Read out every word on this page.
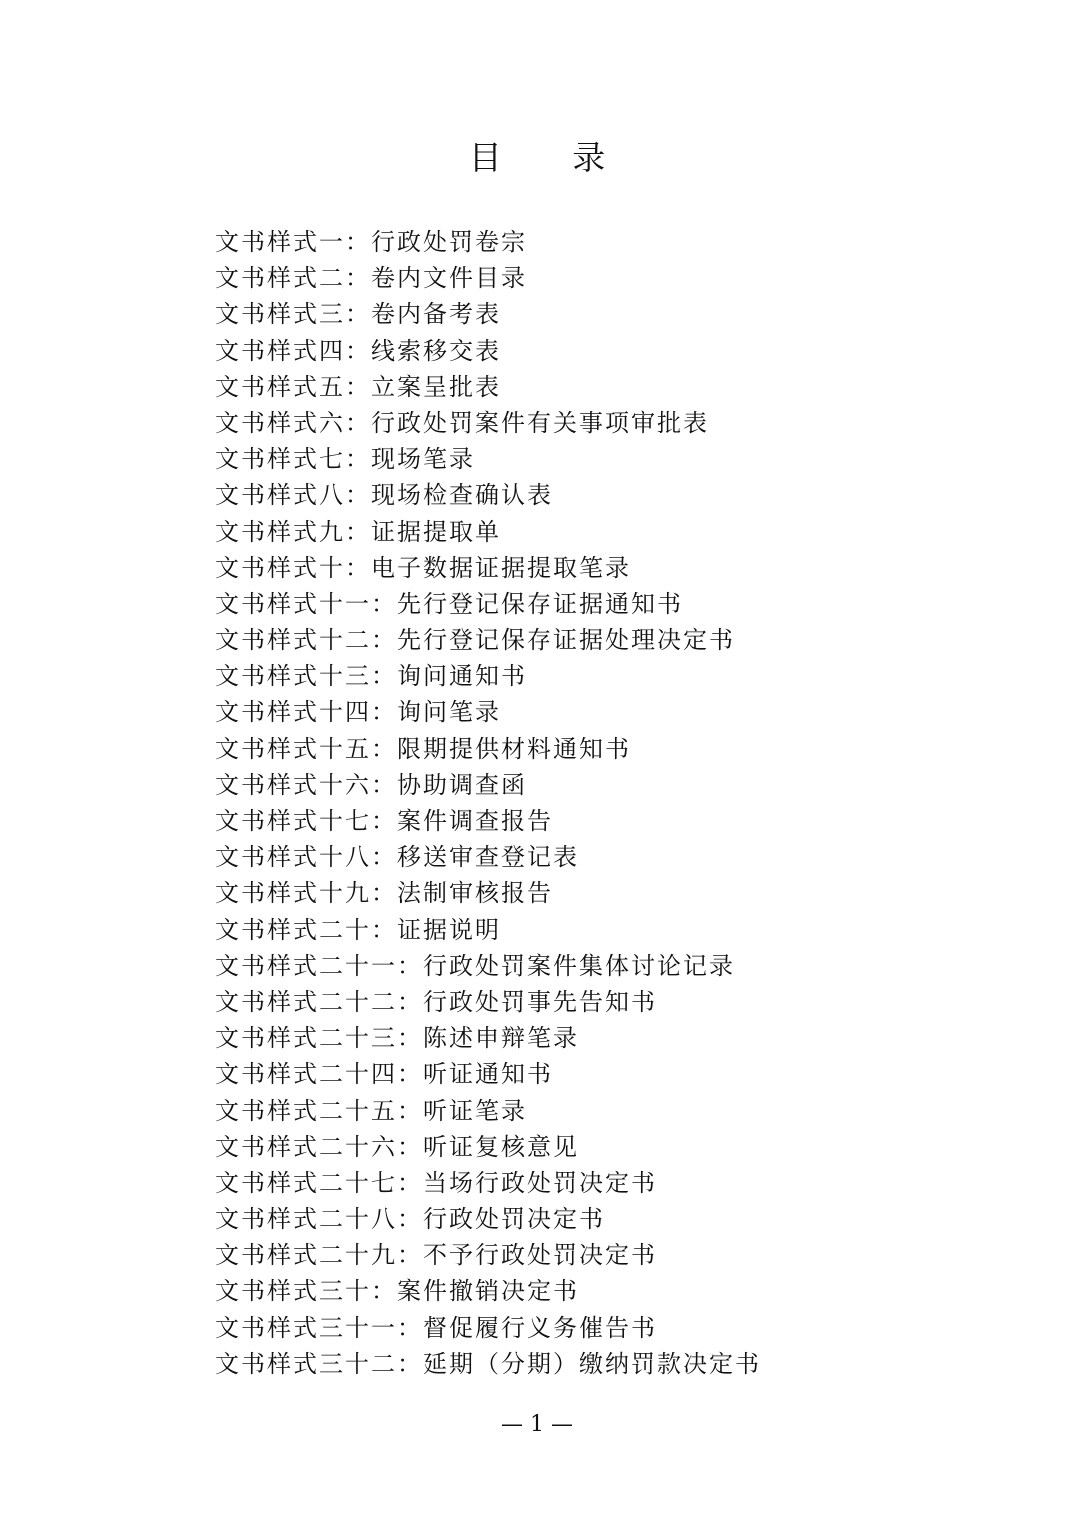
目 录
文书样式一：行政处罚卷宗
文书样式二：卷内文件目录
文书样式三：卷内备考表
文书样式四：线索移交表
文书样式五：立案呈批表
文书样式六：行政处罚案件有关事项审批表
文书样式七：现场笔录
文书样式八：现场检查确认表
文书样式九：证据提取单
文书样式十：电子数据证据提取笔录
文书样式十一：先行登记保存证据通知书
文书样式十二：先行登记保存证据处理决定书
文书样式十三：询问通知书
文书样式十四：询问笔录
文书样式十五：限期提供材料通知书
文书样式十六：协助调查函
文书样式十七：案件调查报告
文书样式十八：移送审查登记表
文书样式十九：法制审核报告
文书样式二十：证据说明
文书样式二十一：行政处罚案件集体讨论记录
文书样式二十二：行政处罚事先告知书
文书样式二十三：陈述申辩笔录
文书样式二十四：听证通知书
文书样式二十五：听证笔录
文书样式二十六：听证复核意见
文书样式二十七：当场行政处罚决定书
文书样式二十八：行政处罚决定书
文书样式二十九：不予行政处罚决定书
文书样式三十：案件撤销决定书
文书样式三十一：督促履行义务催告书
文书样式三十二：延期（分期）缴纳罚款决定书
— 1 —
